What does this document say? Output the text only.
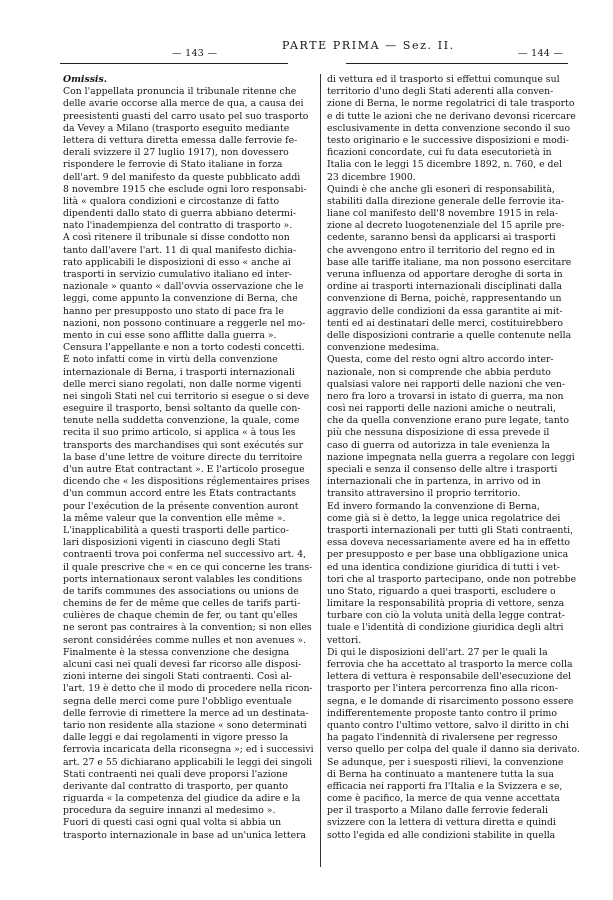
— 143 —
PARTE PRIMA — Sez. II.
— 144 —
Omissis.
Con l'appellata pronuncia il tribunale ritenne che
delle avarie occorse alla merce de qua, a causa dei
preesistenti guasti del carro usato pel suo trasporto
da Vevey a Milano (trasporto eseguito mediante
lettera di vettura diretta emessa dalle ferrovie fe-
derali svizzere il 27 luglio 1917), non dovessero
rispondere le ferrovie di Stato italiane in forza
dell'art. 9 del manifesto da queste pubblicato addì
8 novembre 1915 che esclude ogni loro responsabi-
lità « qualora condizioni e circostanze di fatto
dipendenti dallo stato di guerra abbiano determi-
nato l'inadempienza del contratto di trasporto ».
A così ritenere il tribunale si disse condotto non
tanto dall'avere l'art. 11 di qual manifesto dichia-
rato applicabili le disposizioni di esso « anche ai
trasporti in servizio cumulativo italiano ed inter-
nazionale » quanto « dall'ovvia osservazione che le
leggi, come appunto la convenzione di Berna, che
hanno per presupposto uno stato di pace fra le
nazioni, non possono continuare a reggerle nel mo-
mento in cui esse sono afflitte dalla guerra ».
Censura l'appellante e non a torto codesti concetti.
È noto infatti come in virtù della convenzione
internazionale di Berna, i trasporti internazionali
delle merci siano regolati, non dalle norme vigenti
nei singoli Stati nel cui territorio si esegue o si deve
eseguire il trasporto, bensì soltanto da quelle con-
tenute nella suddetta convenzione, la quale, come
recita il suo primo articolo, si applica « à tous les
transports des marchandises qui sont exécutés sur
la base d'une lettre de voiture directe du territoire
d'un autre État contractant ». E l'articolo prosegue
dicendo che « les dispositions réglementaires prises
d'un commun accord entre les États contractants
pour l'exécution de la présente convention auront
la même valeur que la convention elle même ».
L'inapplicabilità a questi trasporti delle partico-
lari disposizioni vigenti in ciascuno degli Stati
contraenti trova poi conferma nel successivo art. 4,
il quale prescrive che « en ce qui concerne les trans-
ports internationaux seront valables les conditions
de tarifs communes des associations ou unions de
chemins de fer de même que celles de tarifs parti-
culières de chaque chemin de fer, ou tant qu'elles
ne seront pas contraires à la convention; si non elles
seront considérées comme nulles et non avenues ».
Finalmente è la stessa convenzione che designa
alcuni casi nei quali devesi far ricorso alle disposi-
zioni interne dei singoli Stati contraenti. Così al-
l'art. 19 è detto che il modo di procedere nella ricon-
segna delle merci come pure l'obbligo eventuale
delle ferrovie di rimettere la merce ad un destinata-
tario non residente alla stazione « sono determinati
dalle leggi e dai regolamenti in vigore presso la
ferrovia incaricata della riconsegna »; ed i successivi
art. 27 e 55 dichiarano applicabili le leggi dei singoli
Stati contraenti nei quali deve proporsi l'azione
derivante dal contratto di trasporto, per quanto
riguarda « la competenza del giudice da adire e la
procedura da seguire innanzi al medesimo ».
Fuori di questi casi ogni qual volta si abbia un
trasporto internazionale in base ad un'unica lettera
di vettura ed il trasporto si effettui comunque sul
territorio d'uno degli Stati aderenti alla conven-
zione di Berna, le norme regolatrici di tale trasporto
e di tutte le azioni che ne derivano devonsi ricercare
esclusivamente in detta convenzione secondo il suo
testo originario e le successive disposizioni e modi-
ficazioni concordate, cui fu data esecutorietà in
Italia con le leggi 15 dicembre 1892, n. 760, e del
23 dicembre 1900.
Quindi è che anche gli esoneri di responsabilità,
stabiliti dalla direzione generale delle ferrovie ita-
liane col manifesto dell'8 novembre 1915 in rela-
zione al decreto luogotenenziale del 15 aprile pre-
cedente, saranno bensì da applicarsi ai trasporti
che avvengono entro il territorio del regno ed in
base alle tariffe italiane, ma non possono esercitare
veruna influenza od apportare deroghe di sorta in
ordine ai trasporti internazionali disciplinati dalla
convenzione di Berna, poichè, rappresentando un
aggravio delle condizioni da essa garantite ai mit-
tenti ed ai destinatari delle merci, costituirebbero
delle disposizioni contrarie a quelle contenute nella
convenzione medesima.
Questa, come del resto ogni altro accordo inter-
nazionale, non si comprende che abbia perduto
qualsiasi valore nei rapporti delle nazioni che ven-
nero fra loro a trovarsi in istato di guerra, ma non
così nei rapporti delle nazioni amiche o neutrali,
che da quella convenzione erano pure legate, tanto
più che nessuna disposizione di essa prevede il
caso di guerra od autorizza in tale evenienza la
nazione impegnata nella guerra a regolare con leggi
speciali e senza il consenso delle altre i trasporti
internazionali che in partenza, in arrivo od in
transito attraversino il proprio territorio.
Ed invero formando la convenzione di Berna,
come già si è detto, la legge unica regolatrice dei
trasporti internazionali per tutti gli Stati contraenti,
essa doveva necessariamente avere ed ha in effetto
per presupposto e per base una obbligazione unica
ed una identica condizione giuridica di tutti i vet-
tori che al trasporto partecipano, onde non potrebbe
uno Stato, riguardo a quei trasporti, escludere o
limitare la responsabilità propria di vettore, senza
turbare con ciò la voluta unità della legge contrat-
tuale e l'identità di condizione giuridica degli altri
vettori.
Di qui le disposizioni dell'art. 27 per le quali la
ferrovia che ha accettato al trasporto la merce colla
lettera di vettura è responsabile dell'esecuzione del
trasporto per l'intera percorrenza fino alla ricon-
segna, e le domande di risarcimento possono essere
indifferentemente proposte tanto contro il primo
quanto contro l'ultimo vettore, salvo il diritto in chi
ha pagato l'indennità di rivalersene per regresso
verso quello per colpa del quale il danno sia derivato.
Se adunque, per i suesposti rilievi, la convenzione
di Berna ha continuato a mantenere tutta la sua
efficacia nei rapporti fra l'Italia e la Svizzera e se,
come è pacifico, la merce de qua venne accettata
per il trasporto a Milano dalle ferrovie federali
svizzere con la lettera di vettura diretta e quindi
sotto l'egida ed alle condizioni stabilite in quella
